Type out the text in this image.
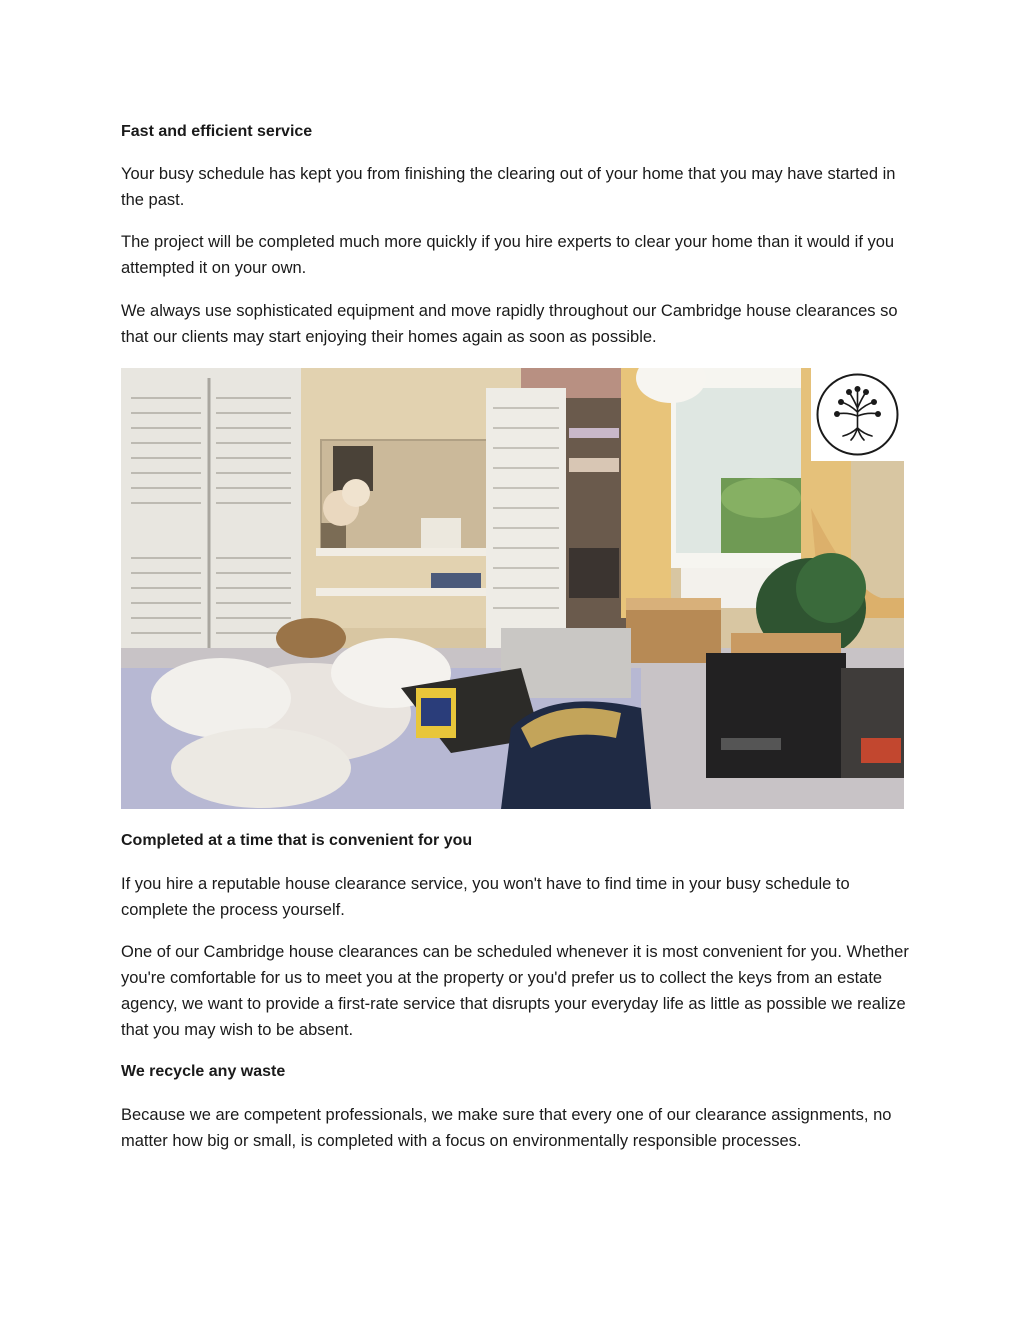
Fast and efficient service

Your busy schedule has kept you from finishing the clearing out of your home that you may have started in the past.

The project will be completed much more quickly if you hire experts to clear your home than it would if you attempted it on your own.

We always use sophisticated equipment and move rapidly throughout our Cambridge house clearances so that our clients may start enjoying their homes again as soon as possible.

Completed at a time that is convenient for you

If you hire a reputable house clearance service, you won't have to find time in your busy schedule to complete the process yourself.

One of our Cambridge house clearances can be scheduled whenever it is most convenient for you. Whether you're comfortable for us to meet you at the property or you'd prefer us to collect the keys from an estate agency, we want to provide a first-rate service that disrupts your everyday life as little as possible we realize that you may wish to be absent.

We recycle any waste

Because we are competent professionals, we make sure that every one of our clearance assignments, no matter how big or small, is completed with a focus on environmentally responsible processes.
